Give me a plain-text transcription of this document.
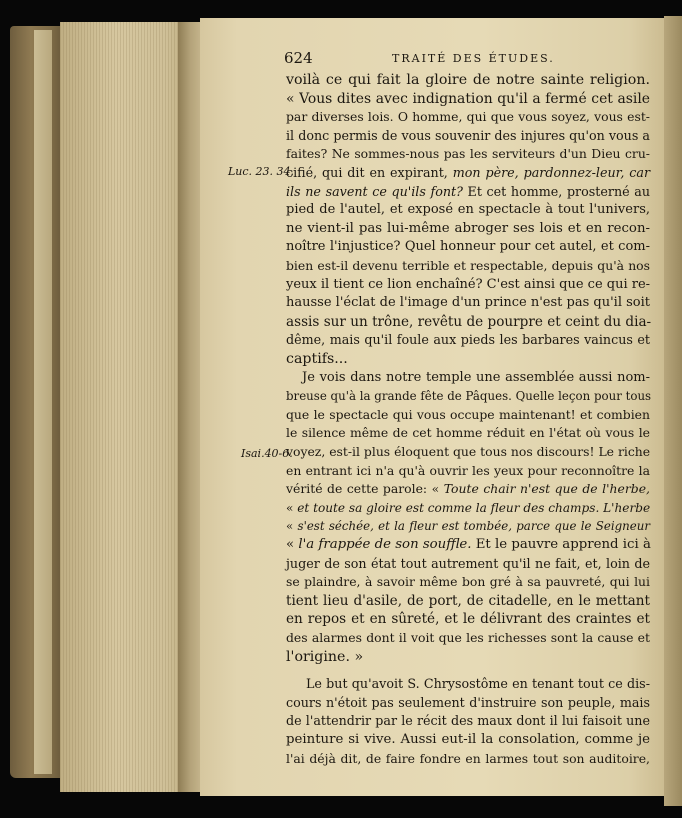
624	TRAITÉ DES ÉTUDES.
Luc. 23. 34.
Isai.40-6.
voilà ce qui fait la gloire de notre sainte religion.
« Vous dites avec indignation qu'il a fermé cet asile
par diverses lois. O homme, qui que vous soyez, vous est-
il donc permis de vous souvenir des injures qu'on vous a
faites? Ne sommes-nous pas les serviteurs d'un Dieu cru-
cifié, qui dit en expirant, mon père, pardonnez-leur, car
ils ne savent ce qu'ils font? Et cet homme, prosterné au
pied de l'autel, et exposé en spectacle à tout l'univers,
ne vient-il pas lui-même abroger ses lois et en recon-
noître l'injustice? Quel honneur pour cet autel, et com-
bien est-il devenu terrible et respectable, depuis qu'à nos
yeux il tient ce lion enchaîné? C'est ainsi que ce qui re-
hausse l'éclat de l'image d'un prince n'est pas qu'il soit
assis sur un trône, revêtu de pourpre et ceint du dia-
dême, mais qu'il foule aux pieds les barbares vaincus et
captifs...
Je vois dans notre temple une assemblée aussi nom-
breuse qu'à la grande fête de Pâques. Quelle leçon pour tous
que le spectacle qui vous occupe maintenant! et combien
le silence même de cet homme réduit en l'état où vous le
voyez, est-il plus éloquent que tous nos discours! Le riche
en entrant ici n'a qu'à ouvrir les yeux pour reconnoître la
vérité de cette parole: « Toute chair n'est que de l'herbe,
« et toute sa gloire est comme la fleur des champs. L'herbe
« s'est séchée, et la fleur est tombée, parce que le Seigneur
« l'a frappée de son souffle. Et le pauvre apprend ici à
juger de son état tout autrement qu'il ne fait, et, loin de
se plaindre, à savoir même bon gré à sa pauvreté, qui lui
tient lieu d'asile, de port, de citadelle, en le mettant
en repos et en sûreté, et le délivrant des craintes et
des alarmes dont il voit que les richesses sont la cause et
l'origine. »
Le but qu'avoit S. Chrysostôme en tenant tout ce dis-
cours n'étoit pas seulement d'instruire son peuple, mais
de l'attendrir par le récit des maux dont il lui faisoit une
peinture si vive. Aussi eut-il la consolation, comme je
l'ai déjà dit, de faire fondre en larmes tout son auditoire,
